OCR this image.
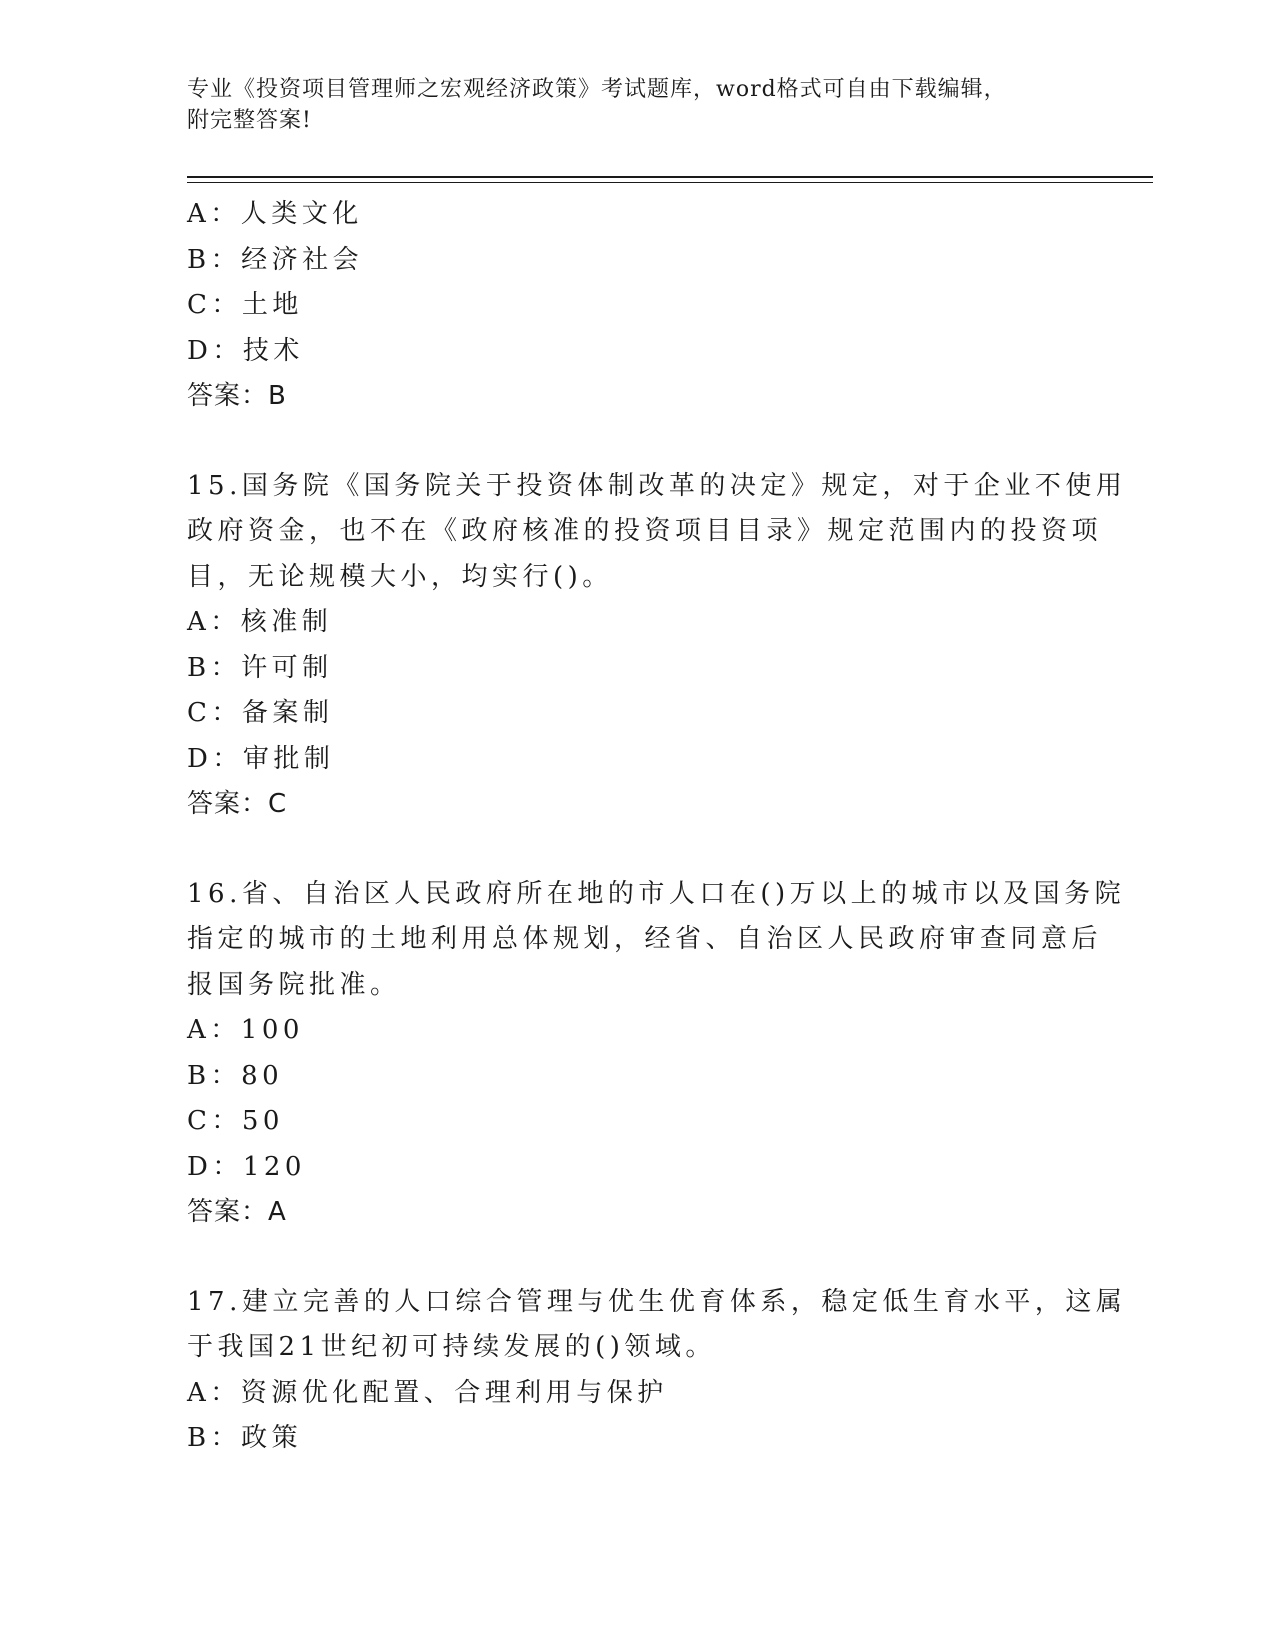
专业《投资项目管理师之宏观经济政策》考试题库，word格式可自由下载编辑，
附完整答案!
A：人类文化
B：经济社会
C：土地
D：技术
答案：B
15.国务院《国务院关于投资体制改革的决定》规定，对于企业不使用
政府资金，也不在《政府核准的投资项目目录》规定范围内的投资项
目，无论规模大小，均实行()。
A：核准制
B：许可制
C：备案制
D：审批制
答案：C
16.省、自治区人民政府所在地的市人口在()万以上的城市以及国务院
指定的城市的土地利用总体规划，经省、自治区人民政府审查同意后
报国务院批准。
A：100
B：80
C：50
D：120
答案：A
17.建立完善的人口综合管理与优生优育体系，稳定低生育水平，这属
于我国21世纪初可持续发展的()领域。
A：资源优化配置、合理利用与保护
B：政策
